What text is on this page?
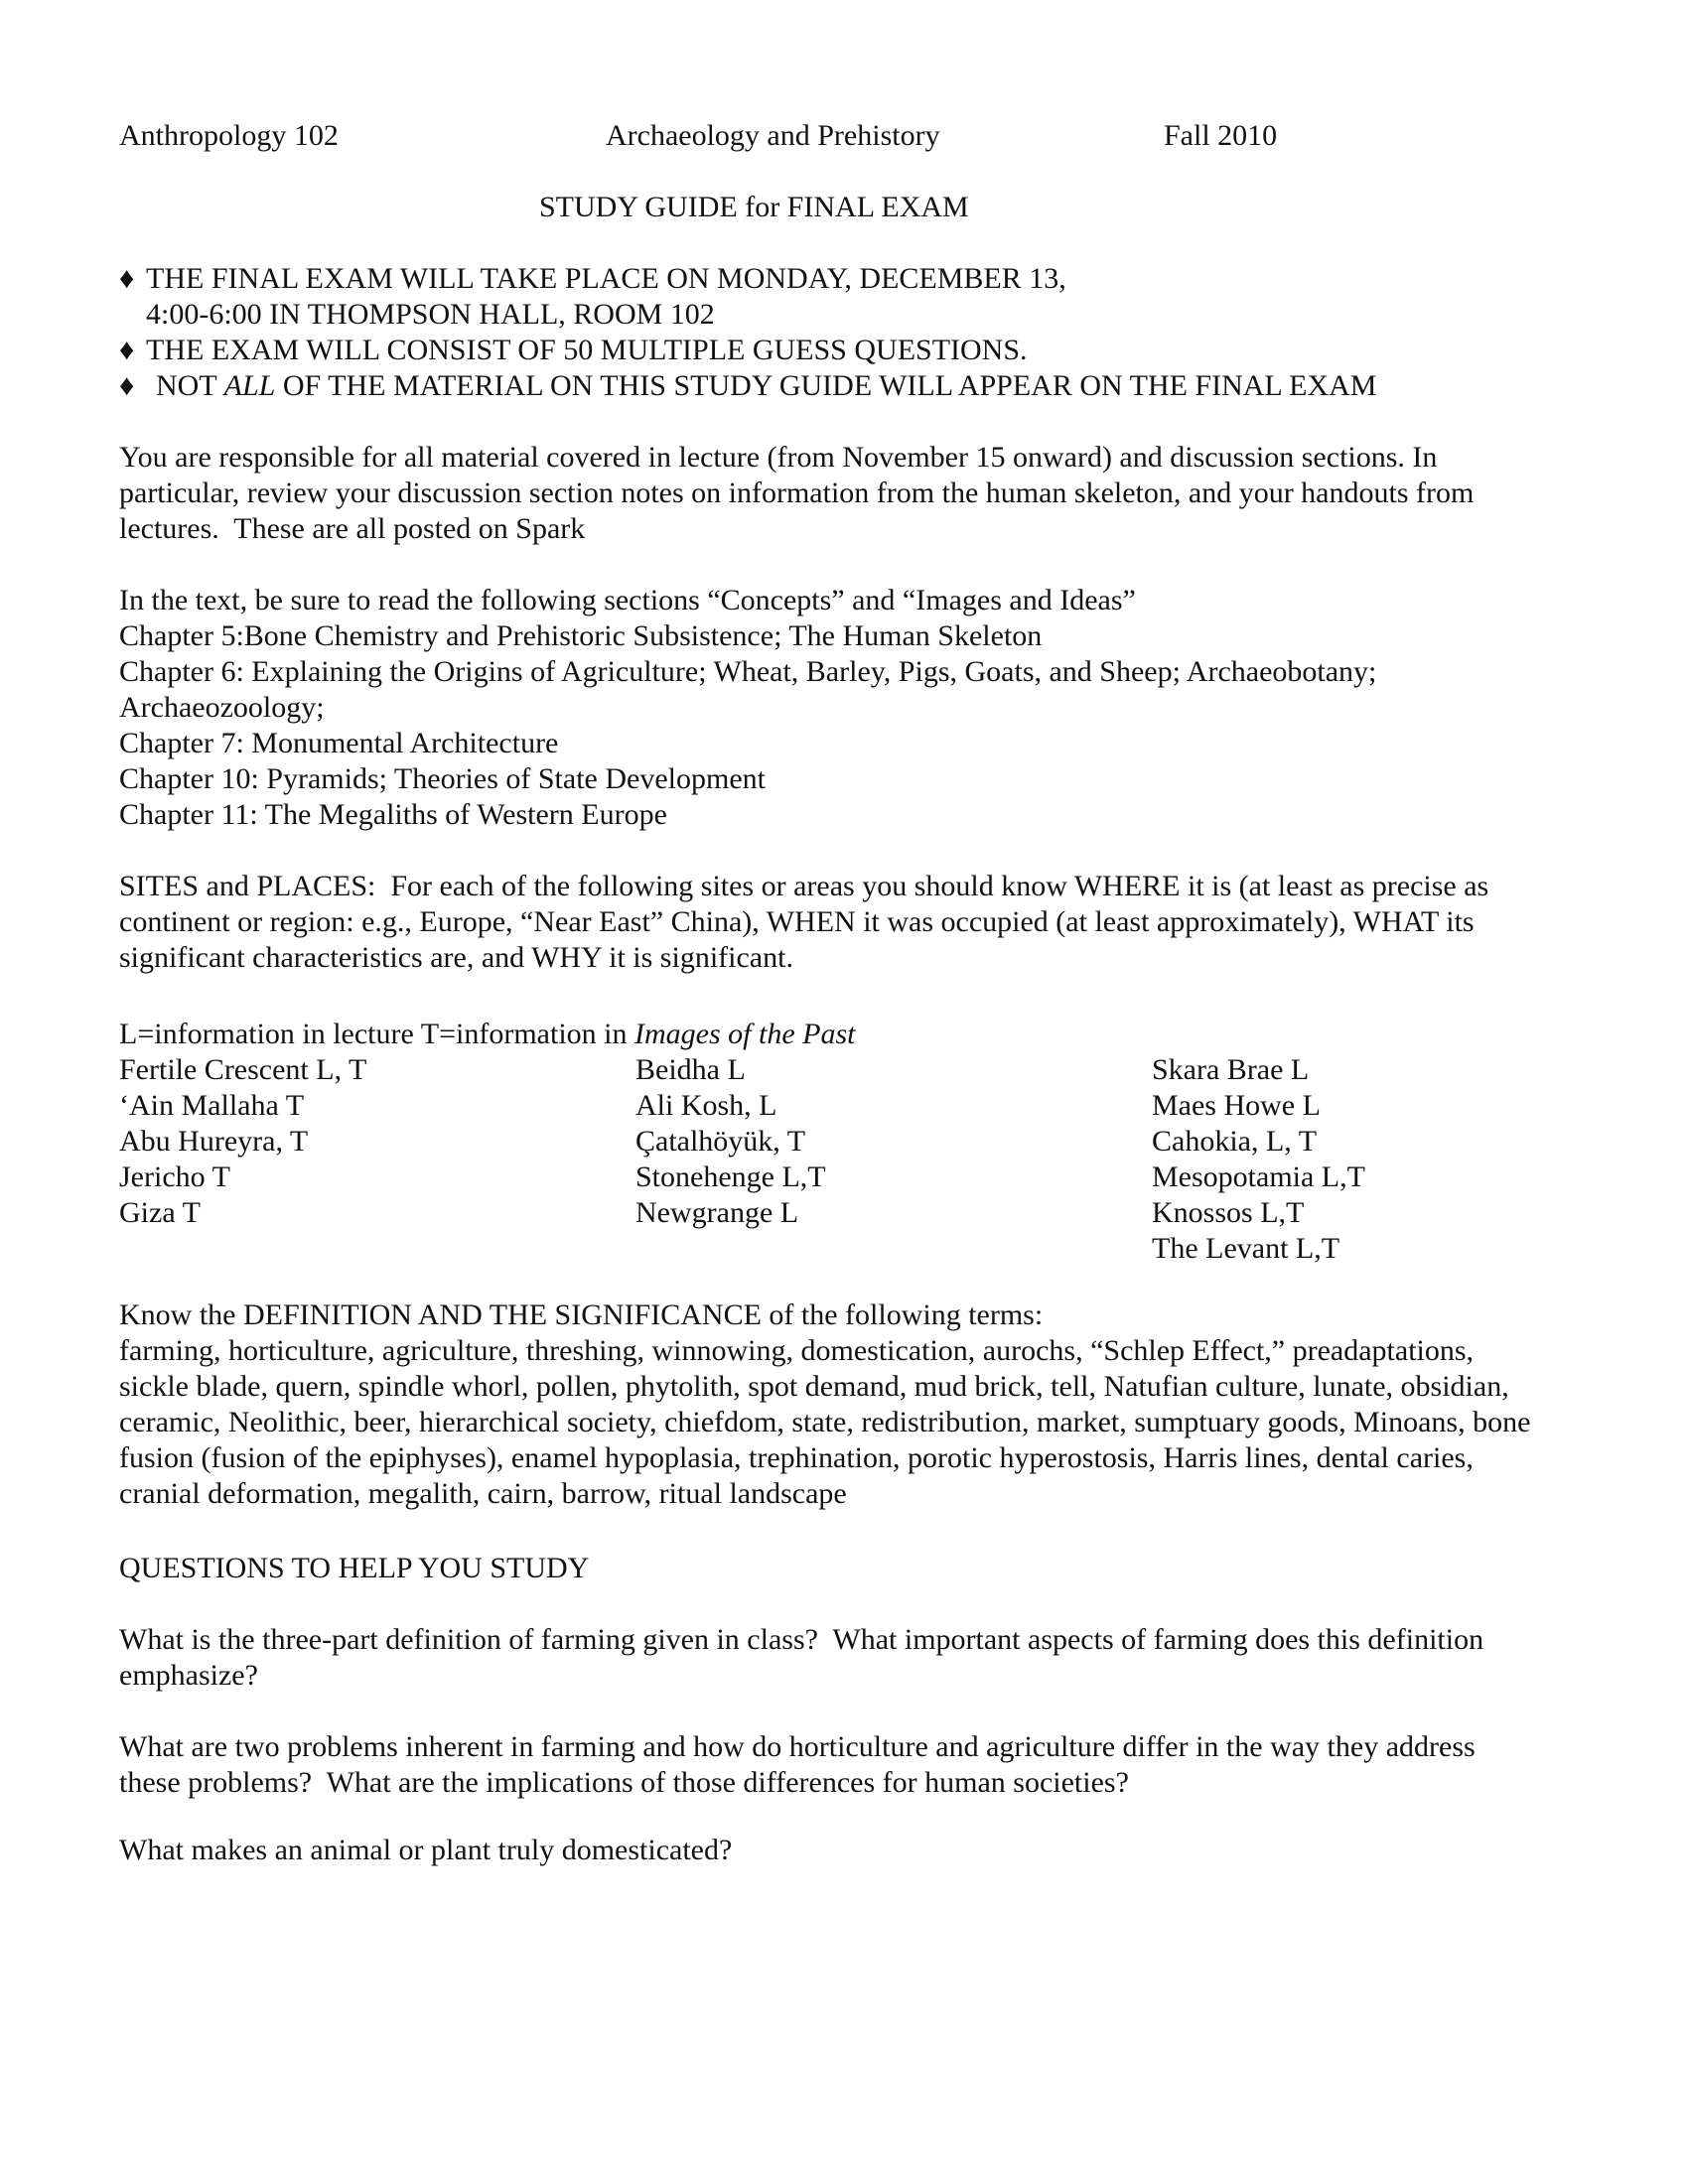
Anthropology 102	Archaeology and Prehistory	Fall 2010
STUDY GUIDE for FINAL EXAM
♦ THE FINAL EXAM WILL TAKE PLACE ON MONDAY, DECEMBER 13,
4:00-6:00 IN THOMPSON HALL, ROOM 102
♦ THE EXAM WILL CONSIST OF 50 MULTIPLE GUESS QUESTIONS.
♦ NOT ALL OF THE MATERIAL ON THIS STUDY GUIDE WILL APPEAR ON THE FINAL EXAM
You are responsible for all material covered in lecture (from November 15 onward) and discussion sections. In
particular, review your discussion section notes on information from the human skeleton, and your handouts from
lectures.  These are all posted on Spark
In the text, be sure to read the following sections “Concepts” and “Images and Ideas”
Chapter 5:Bone Chemistry and Prehistoric Subsistence; The Human Skeleton
Chapter 6: Explaining the Origins of Agriculture; Wheat, Barley, Pigs, Goats, and Sheep; Archaeobotany;
Archaeozoology;
Chapter 7: Monumental Architecture
Chapter 10: Pyramids; Theories of State Development
Chapter 11: The Megaliths of Western Europe
SITES and PLACES:  For each of the following sites or areas you should know WHERE it is (at least as precise as
continent or region: e.g., Europe, “Near East” China), WHEN it was occupied (at least approximately), WHAT its
significant characteristics are, and WHY it is significant.
L=information in lecture T=information in Images of the Past
Fertile Crescent L, T
‘Ain Mallaha T
Abu Hureyra, T
Jericho T
Giza T
Beidha L
Ali Kosh, L
Çatalhöyük, T
Stonehenge L,T
Newgrange L
Skara Brae L
Maes Howe L
Cahokia, L, T
Mesopotamia L,T
Knossos L,T
The Levant L,T
Know the DEFINITION AND THE SIGNIFICANCE of the following terms:
farming, horticulture, agriculture, threshing, winnowing, domestication, aurochs, “Schlep Effect,” preadaptations,
sickle blade, quern, spindle whorl, pollen, phytolith, spot demand, mud brick, tell, Natufian culture, lunate, obsidian,
ceramic, Neolithic, beer, hierarchical society, chiefdom, state, redistribution, market, sumptuary goods, Minoans, bone
fusion (fusion of the epiphyses), enamel hypoplasia, trephination, porotic hyperostosis, Harris lines, dental caries,
cranial deformation, megalith, cairn, barrow, ritual landscape
QUESTIONS TO HELP YOU STUDY
What is the three-part definition of farming given in class?  What important aspects of farming does this definition
emphasize?
What are two problems inherent in farming and how do horticulture and agriculture differ in the way they address
these problems?  What are the implications of those differences for human societies?
What makes an animal or plant truly domesticated?
